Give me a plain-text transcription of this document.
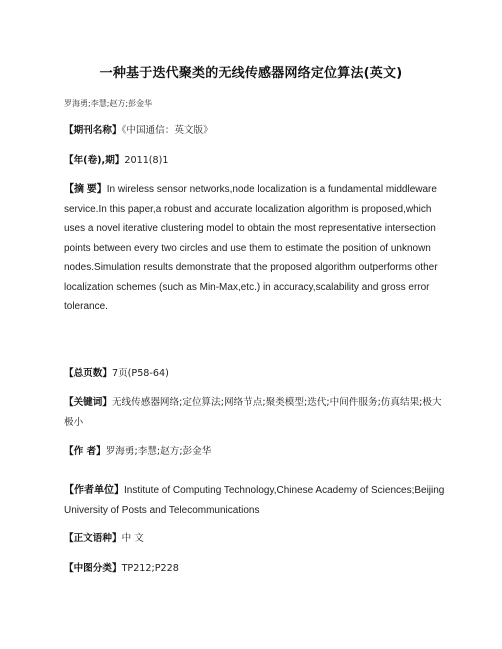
一种基于迭代聚类的无线传感器网络定位算法(英文)
罗海勇;李慧;赵方;彭金华
【期刊名称】《中国通信：英文版》
【年(卷),期】2011(8)1
【摘 要】In wireless sensor networks,node localization is a fundamental middleware service.In this paper,a robust and accurate localization algorithm is proposed,which uses a novel iterative clustering model to obtain the most representative intersection points between every two circles and use them to estimate the position of unknown nodes.Simulation results demonstrate that the proposed algorithm outperforms other localization schemes (such as Min-Max,etc.) in accuracy,scalability and gross error tolerance.
【总页数】7页(P58-64)
【关键词】无线传感器网络;定位算法;网络节点;聚类模型;迭代;中间件服务;仿真结果;极大极小
【作 者】罗海勇;李慧;赵方;彭金华
【作者单位】Institute of Computing Technology,Chinese Academy of Sciences;Beijing University of Posts and Telecommunications
【正文语种】中 文
【中图分类】TP212;P228
